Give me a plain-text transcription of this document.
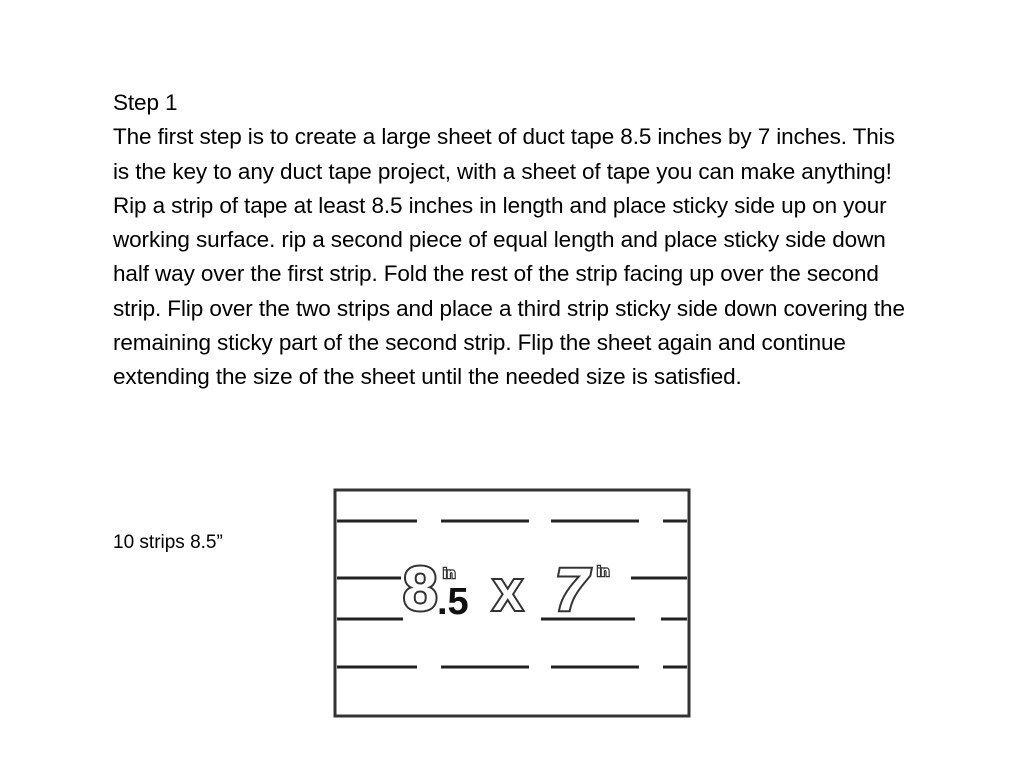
Step 1

The first step is to create a large sheet of duct tape 8.5 inches by 7 inches. This is the key to any duct tape project, with a sheet of tape you can make anything! Rip a strip of tape at least 8.5 inches in length and place sticky side up on your working surface. rip a second piece of equal length and place sticky side down half way over the first strip. Fold the rest of the strip facing up over the second strip. Flip over the two strips and place a third strip sticky side down covering the remaining sticky part of the second strip. Flip the sheet again and continue extending the size of the sheet until the needed size is satisfied.

10 strips 8.5”
8 in
.5 X 7 in
